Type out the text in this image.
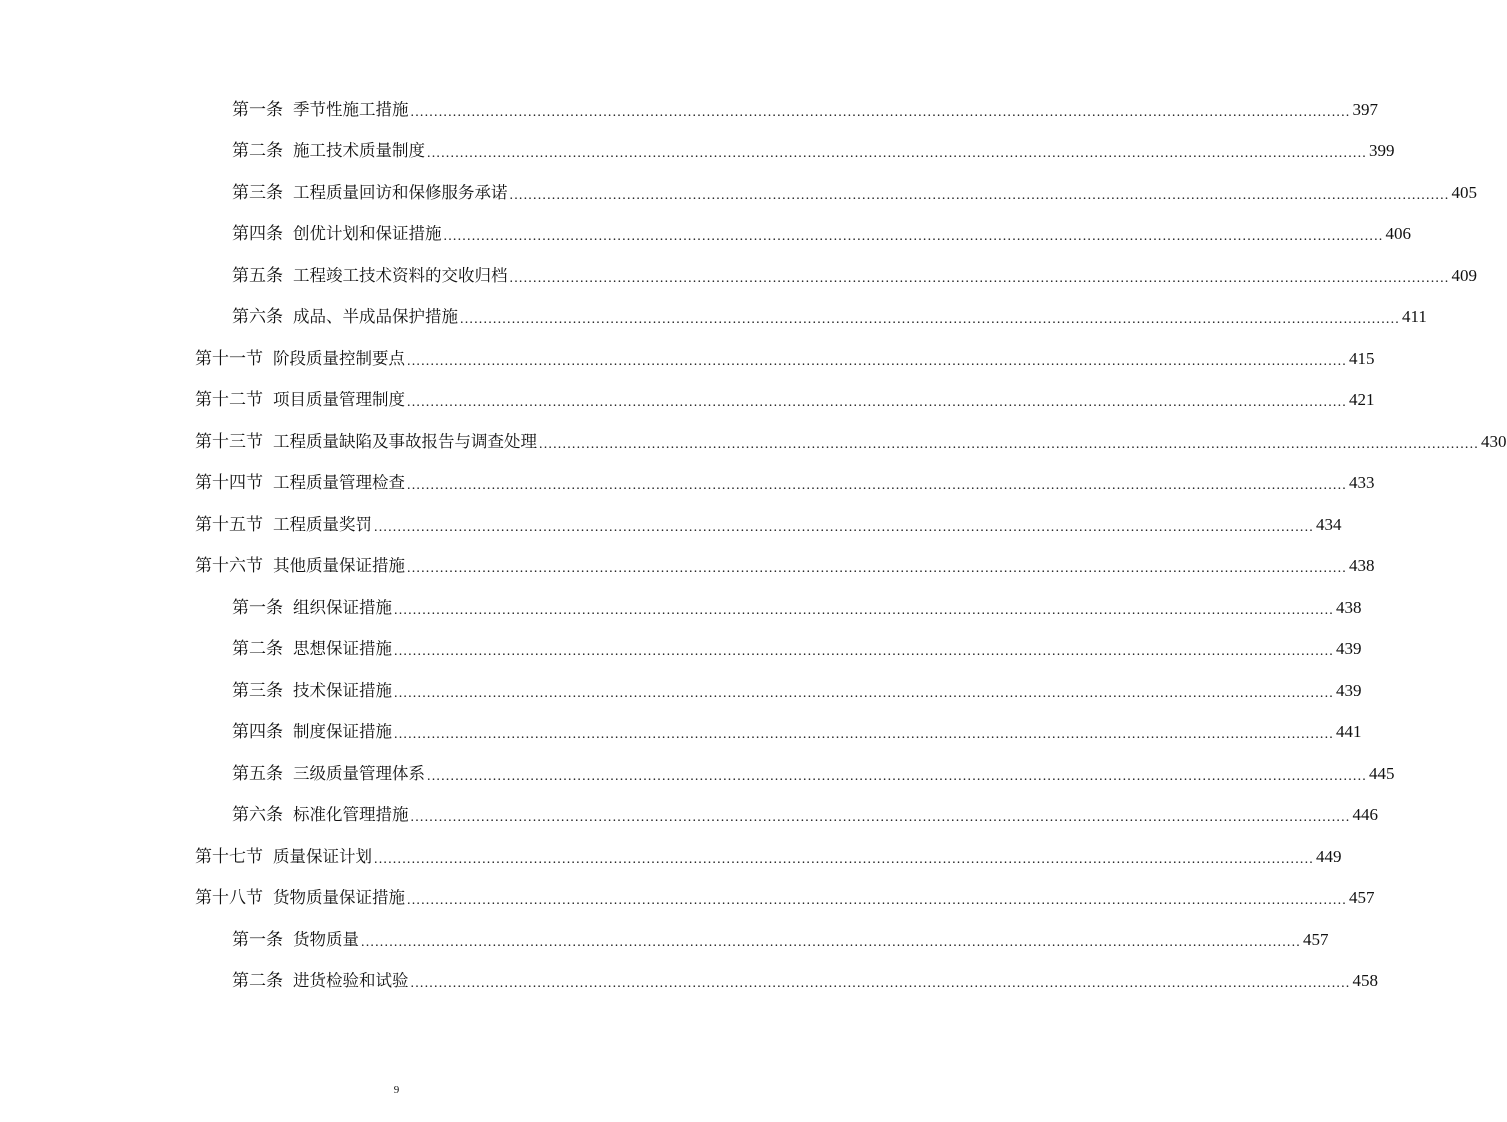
第一条 季节性施工措施 ........................................................................................................................................................................................................ 397
第二条 施工技术质量制度 ........................................................................................................................................................................................................ 399
第三条 工程质量回访和保修服务承诺 ........................................................................................................................................................................................................ 405
第四条 创优计划和保证措施 ........................................................................................................................................................................................................ 406
第五条 工程竣工技术资料的交收归档 ........................................................................................................................................................................................................ 409
第六条 成品、半成品保护措施 ........................................................................................................................................................................................................ 411
第十一节 阶段质量控制要点 ........................................................................................................................................................................................................ 415
第十二节 项目质量管理制度 ........................................................................................................................................................................................................ 421
第十三节 工程质量缺陷及事故报告与调查处理 ........................................................................................................................................................................................................ 430
第十四节 工程质量管理检查 ........................................................................................................................................................................................................ 433
第十五节 工程质量奖罚 ........................................................................................................................................................................................................ 434
第十六节 其他质量保证措施 ........................................................................................................................................................................................................ 438
第一条 组织保证措施 ........................................................................................................................................................................................................ 438
第二条 思想保证措施 ........................................................................................................................................................................................................ 439
第三条 技术保证措施 ........................................................................................................................................................................................................ 439
第四条 制度保证措施 ........................................................................................................................................................................................................ 441
第五条 三级质量管理体系 ........................................................................................................................................................................................................ 445
第六条 标准化管理措施 ........................................................................................................................................................................................................ 446
第十七节 质量保证计划 ........................................................................................................................................................................................................ 449
第十八节 货物质量保证措施 ........................................................................................................................................................................................................ 457
第一条 货物质量 ........................................................................................................................................................................................................ 457
第二条 进货检验和试验 ........................................................................................................................................................................................................ 458
9
